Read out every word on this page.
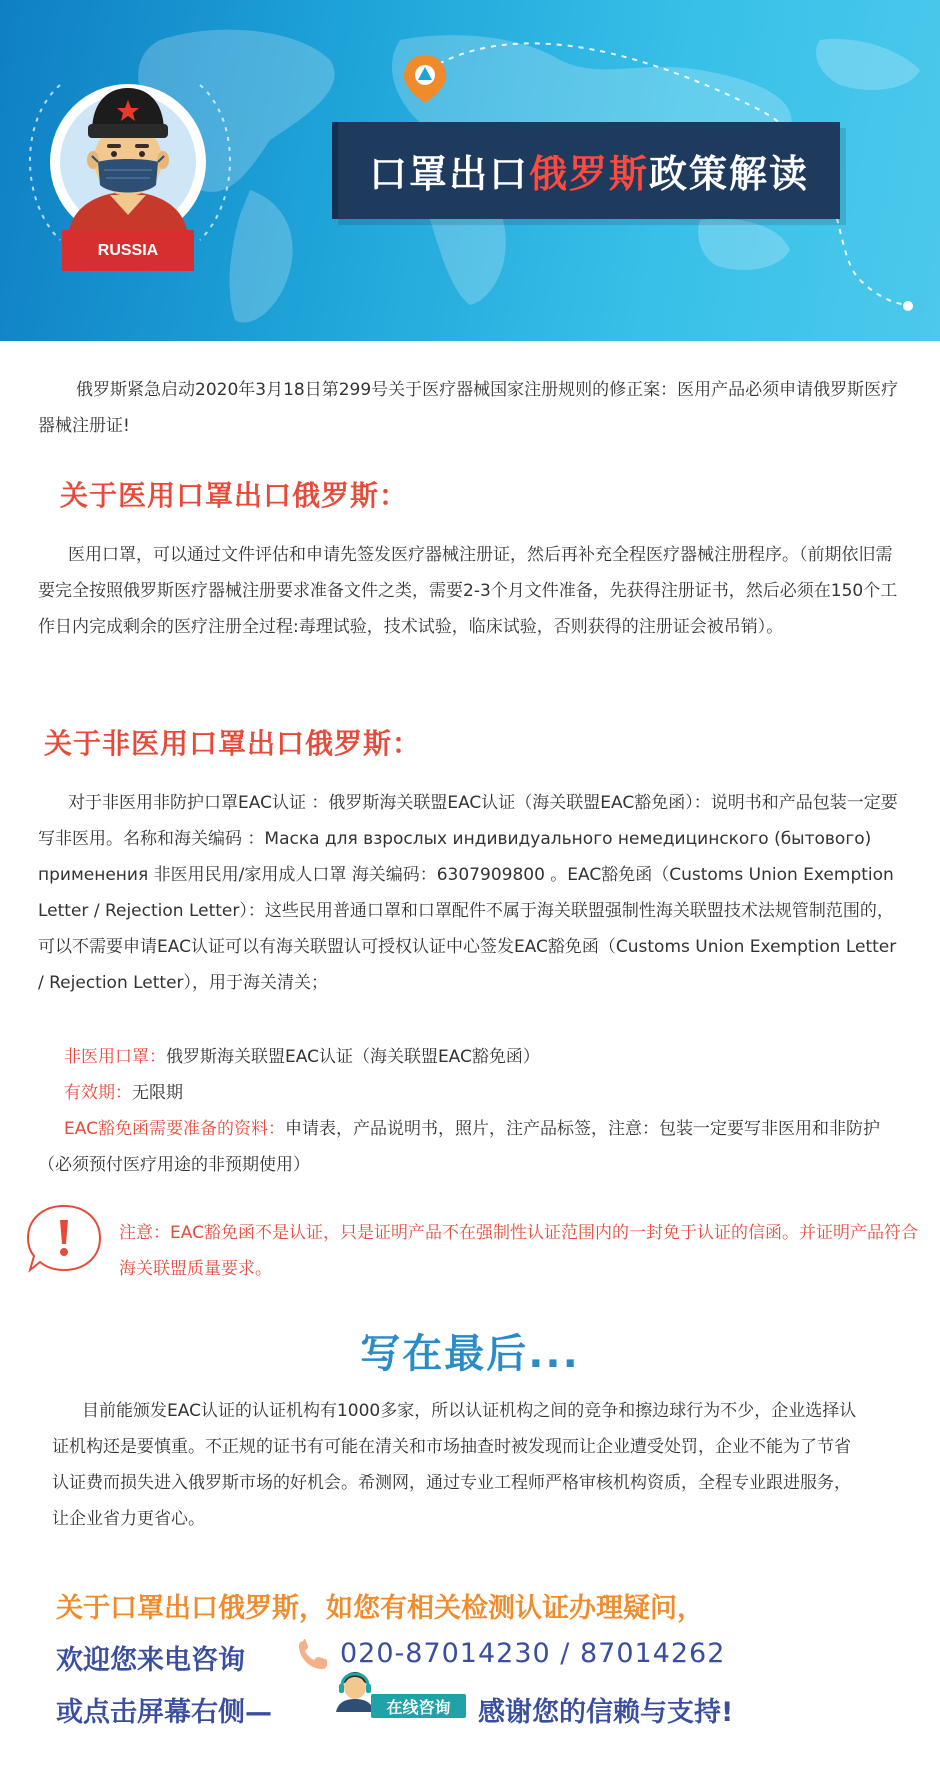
口罩出口 俄罗斯 政策解读
RUSSIA

俄罗斯紧急启动2020年3月18日第299号关于医疗器械国家注册规则的修正案：医用产品必须申请俄罗斯医疗器械注册证!

关于医用口罩出口俄罗斯：

医用口罩，可以通过文件评估和申请先签发医疗器械注册证，然后再补充全程医疗器械注册程序。（前期依旧需要完全按照俄罗斯医疗器械注册要求准备文件之类，需要2-3个月文件准备，先获得注册证书，然后必须在150个工作日内完成剩余的医疗注册全过程:毒理试验，技术试验，临床试验，否则获得的注册证会被吊销）。

关于非医用口罩出口俄罗斯：

对于非医用非防护口罩EAC认证 ：俄罗斯海关联盟EAC认证（海关联盟EAC豁免函）：说明书和产品包装一定要写非医用。名称和海关编码 ：Маска для взрослых индивидуального немедицинского (бытового) применения 非医用民用/家用成人口罩 海关编码：6307909800 。EAC豁免函（Customs Union Exemption Letter / Rejection Letter）：这些民用普通口罩和口罩配件不属于海关联盟强制性海关联盟技术法规管制范围的，可以不需要申请EAC认证可以有海关联盟认可授权认证中心签发EAC豁免函（Customs Union Exemption Letter / Rejection Letter），用于海关清关；

非医用口罩：俄罗斯海关联盟EAC认证（海关联盟EAC豁免函）

有效期：无限期

EAC豁免函需要准备的资料：申请表，产品说明书，照片，注产品标签，注意：包装一定要写非医用和非防护（必须预付医疗用途的非预期使用）

注意：EAC豁免函不是认证，只是证明产品不在强制性认证范围内的一封免于认证的信函。并证明产品符合海关联盟质量要求。

写在最后...

目前能颁发EAC认证的认证机构有1000多家，所以认证机构之间的竞争和擦边球行为不少，企业选择认证机构还是要慎重。不正规的证书有可能在清关和市场抽查时被发现而让企业遭受处罚，企业不能为了节省认证费而损失进入俄罗斯市场的好机会。希测网，通过专业工程师严格审核机构资质，全程专业跟进服务，让企业省力更省心。

关于口罩出口俄罗斯，如您有相关检测认证办理疑问，
欢迎您来电咨询	020-87014230 / 87014262
或点击屏幕右侧—	在线咨询	感谢您的信赖与支持!
